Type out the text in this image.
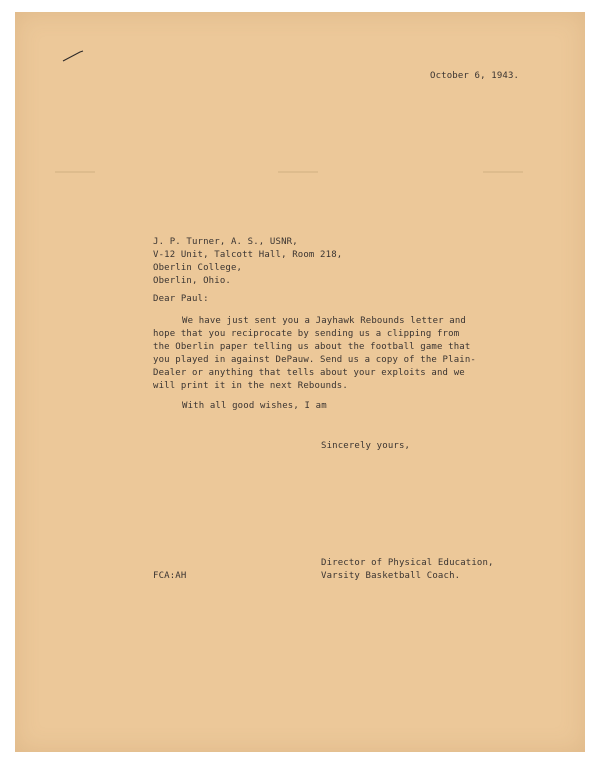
October 6, 1943.
J. P. Turner, A. S., USNR,
V-12 Unit, Talcott Hall, Room 218,
Oberlin College,
Oberlin, Ohio.
Dear Paul:
We have just sent you a Jayhawk Rebounds letter and
hope that you reciprocate by sending us a clipping from
the Oberlin paper telling us about the football game that
you played in against DePauw. Send us a copy of the Plain-
Dealer or anything that tells about your exploits and we
will print it in the next Rebounds.
With all good wishes, I am
Sincerely yours,
Director of Physical Education,
Varsity Basketball Coach.
FCA:AH
